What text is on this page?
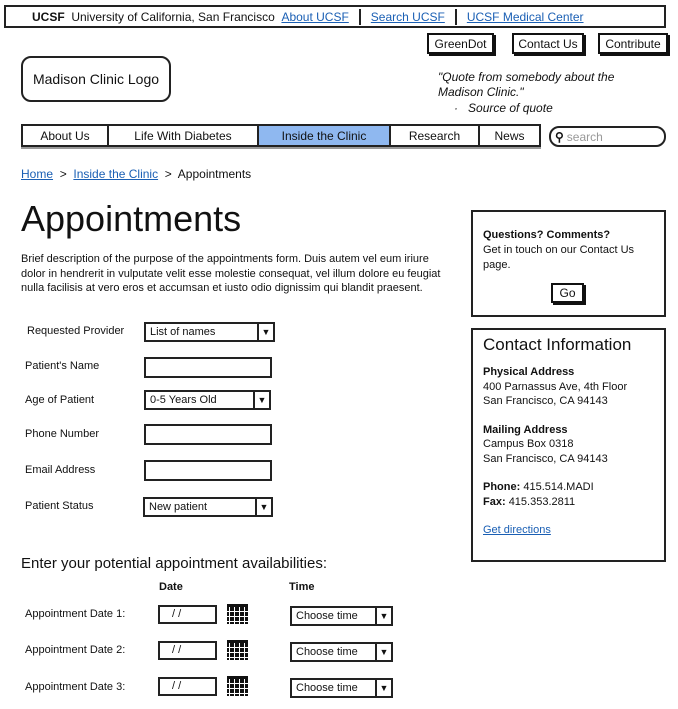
UCSF
University of California, San Francisco
About UCSF Search UCSF UCSF Medical Center
GreenDot	Contact Us	Contribute
Madison Clinic Logo	"Quote from somebody about the Madison Clinic."
· Source of quote
About Us	Life With Diabetes	Inside the Clinic	Research	News	⚲ search
Home > Inside the Clinic > Appointments
Appointments

Brief description of the purpose of the appointments form. Duis autem vel eum iriure dolor in hendrerit in vulputate velit esse molestie consequat, vel illum dolore eu feugiat nulla facilisis at vero eros et accumsan et iusto odio dignissim qui blandit praesent.

Requested Provider	List of names	▼
Patient's Name
Age of Patient	0-5 Years Old	▼
Phone Number
Email Address
Patient Status	New patient	▼
Enter your potential appointment availabilities:
Date	Time
Appointment Date 1:	/ /	Choose time	▼
Appointment Date 2:	/ /	Choose time	▼
Appointment Date 3:	/ /	Choose time	▼
Questions? Comments?
Get in touch on our Contact Us page.
Go
Contact Information
Physical Address
400 Parnassus Ave, 4th Floor
San Francisco, CA 94143
Mailing Address
Campus Box 0318
San Francisco, CA 94143
Phone: 415.514.MADI
Fax: 415.353.2811
Get directions
